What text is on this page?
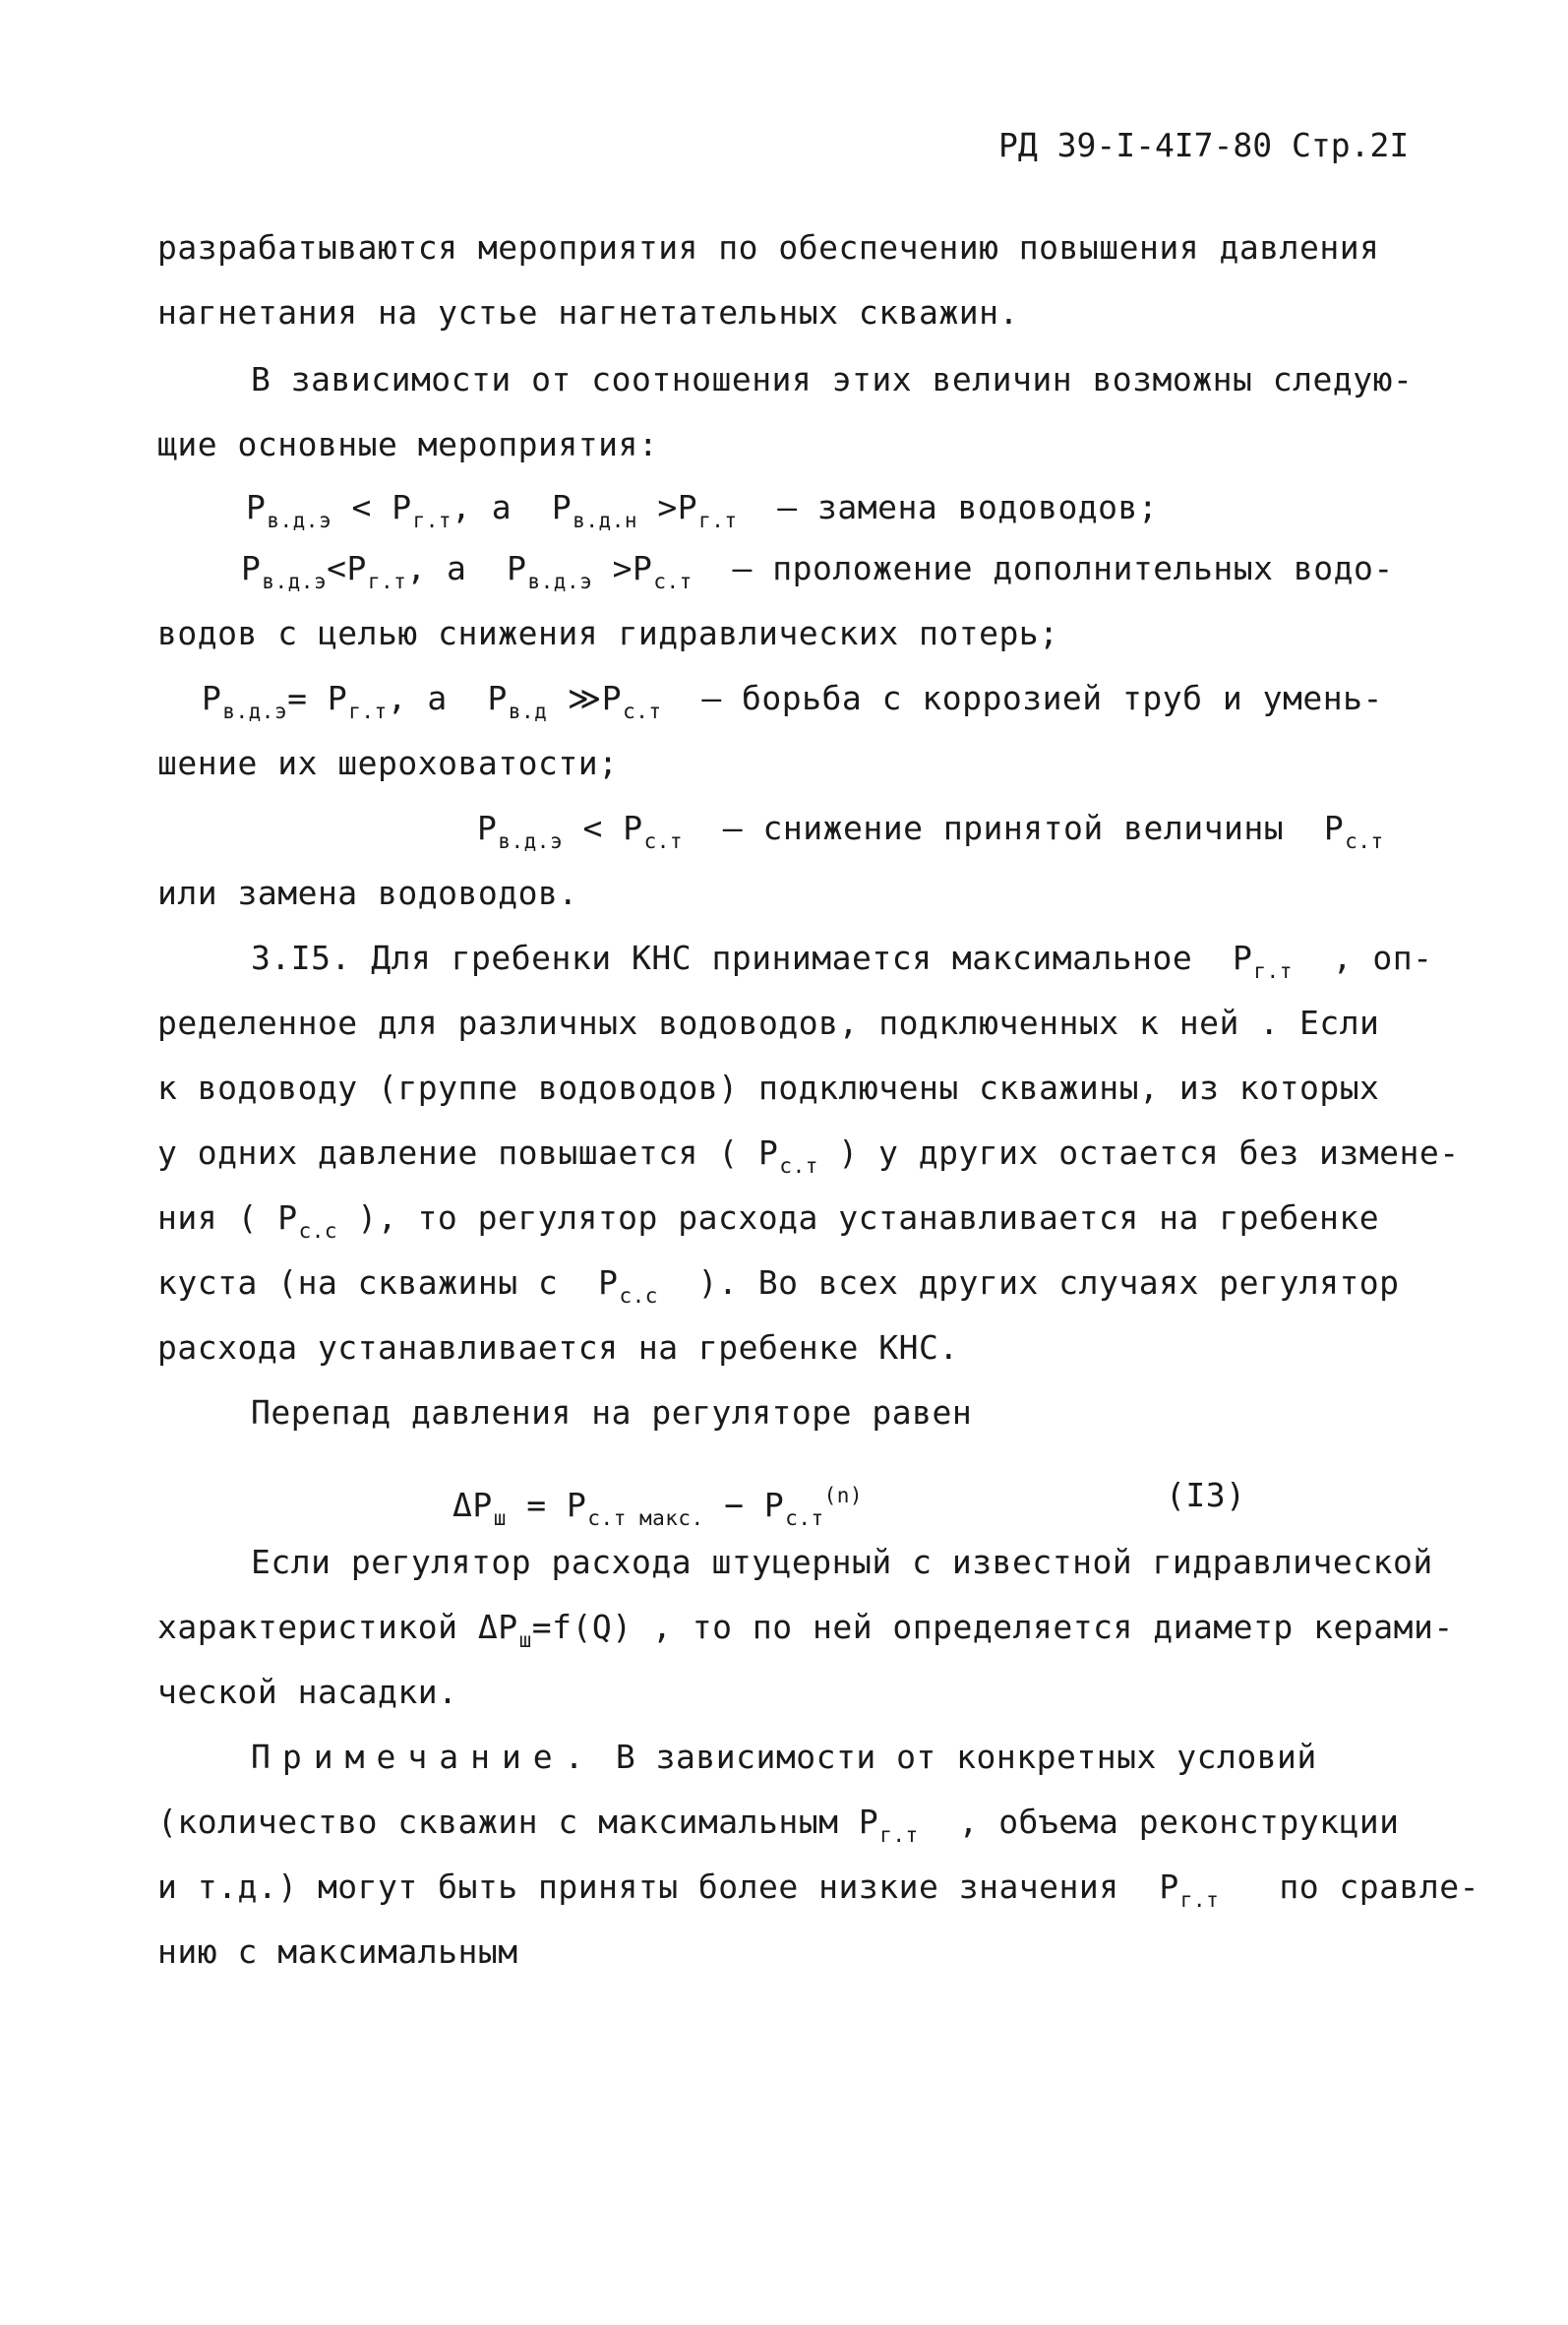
РД 39-I-4I7-80 Стр.2I
разрабатываются мероприятия по обеспечению повышения давления
нагнетания на устье нагнетательных скважин.
В зависимости от соотношения этих величин возможны следую-
щие основные мероприятия:
$P_{в.д.э} < P_{г.т}$, а $P_{в.д.н} >P_{г.т}$ – замена водоводов;
$P_{в.д.э}<P_{г.т}$, а $P_{в.д.э} >P_{с.т}$ – проложение дополнительных водо-
водов с целью снижения гидравлических потерь;
$P_{в.д.э}= P_{г.т}$, а $P_{в.д}$ $≫P_{с.т}$ – борьба с коррозией труб и умень-
шение их шероховатости;
$P_{в.д.э} < P_{с.т}$ – снижение принятой величины $P_{с.т}$
или замена водоводов.
3.I5. Для гребенки КНС принимается максимальное $P_{г.т}$ , оп-
ределенное для различных водоводов, подключенных к ней . Если
к водоводу (группе водоводов) подключены скважины, из которых
у одних давление повышается ( $P_{с.т}$ ) у других остается без измене-
ния ( $P_{с.с}$ ), то регулятор расхода устанавливается на гребенке
куста (на скважины с $P_{с.с}$ ). Во всех других случаях регулятор
расхода устанавливается на гребенке КНС.
Перепад давления на регуляторе равен
$\Delta P_ш = P_{с.т макс.} - P_{с.т}^{(n)}$	(I3)
Если регулятор расхода штуцерный с известной гидравлической
характеристикой $\Delta P_ш=f(Q)$ , то по ней определяется диаметр керами-
ческой насадки.
Примечание. В зависимости от конкретных условий
(количество скважин с максимальным $P_{г.т}$ , объема реконструкции
и т.д.) могут быть приняты более низкие значения $P_{г.т}$ по сравле-
нию с максимальным
